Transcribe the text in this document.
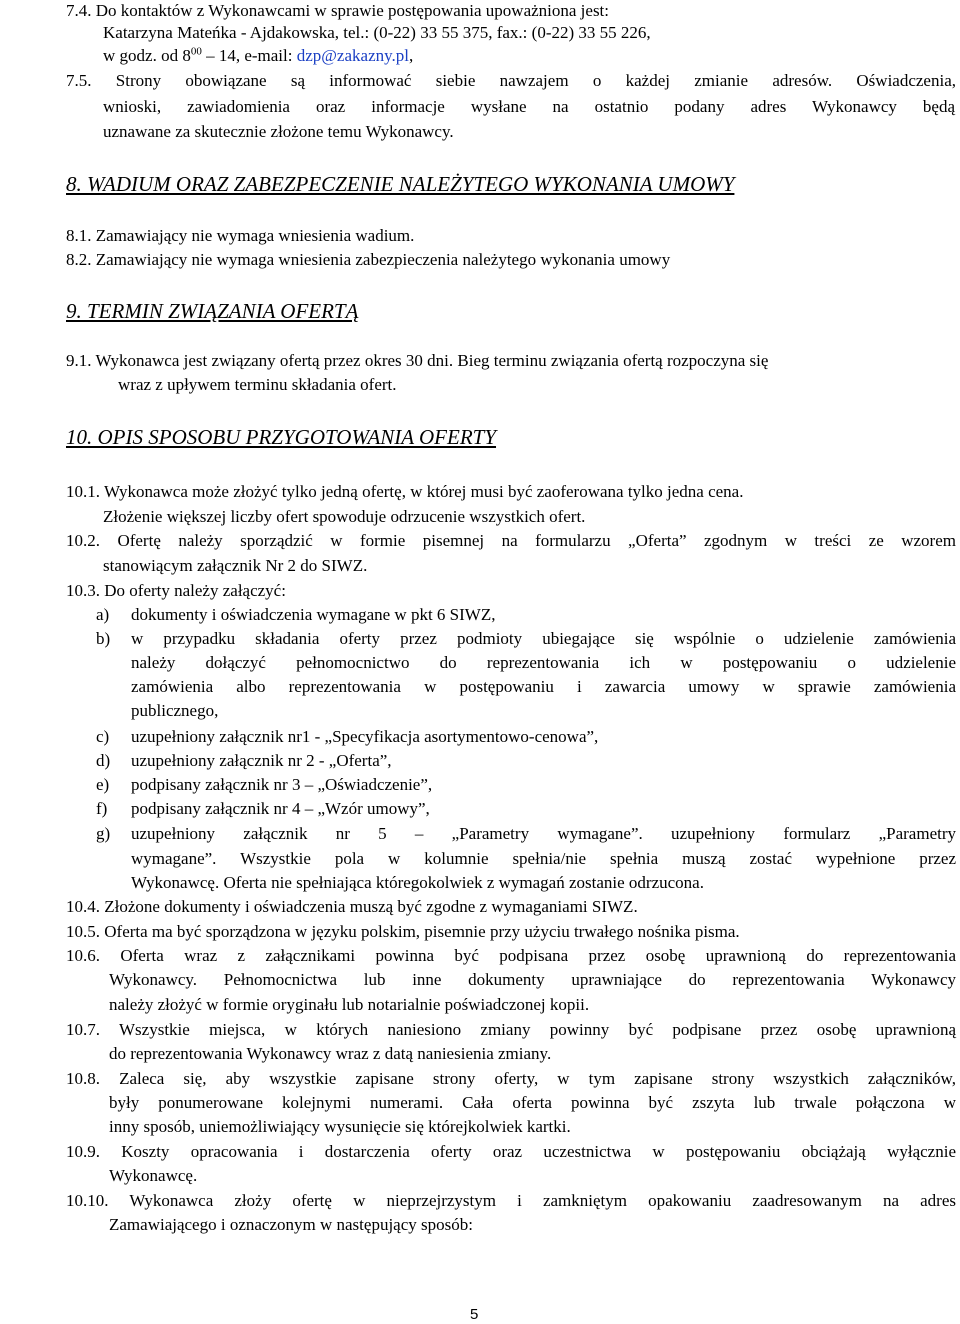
7.4. Do kontaktów z Wykonawcami w sprawie postępowania upoważniona jest:
Katarzyna Mateńka - Ajdakowska, tel.: (0-22) 33 55 375, fax.: (0-22) 33 55 226,
w godz. od $8^{00} - 14$, e-mail: dzp@zakazny.pl,
7.5. Strony obowiązane są informować siebie nawzajem o każdej zmianie adresów. Oświadczenia,
wnioski, zawiadomienia oraz informacje wysłane na ostatnio podany adres Wykonawcy będą
uznawane za skutecznie złożone temu Wykonawcy.
8. WADIUM ORAZ ZABEZPECZENIE NALEŻYTEGO WYKONANIA UMOWY
8.1. Zamawiający nie wymaga wniesienia wadium.
8.2. Zamawiający nie wymaga wniesienia zabezpieczenia należytego wykonania umowy
9. TERMIN ZWIĄZANIA OFERTĄ
9.1. Wykonawca jest związany ofertą przez okres 30 dni. Bieg terminu związania ofertą rozpoczyna się
wraz z upływem terminu składania ofert.
10. OPIS SPOSOBU PRZYGOTOWANIA OFERTY
10.1. Wykonawca może złożyć tylko jedną ofertę, w której musi być zaoferowana tylko jedna cena.
Złożenie większej liczby ofert spowoduje odrzucenie wszystkich ofert.
10.2. Ofertę należy sporządzić w formie pisemnej na formularzu „Oferta” zgodnym w treści ze wzorem
stanowiącym załącznik Nr 2 do SIWZ.
10.3. Do oferty należy załączyć:
a) dokumenty i oświadczenia wymagane w pkt 6 SIWZ,
b) w przypadku składania oferty przez podmioty ubiegające się wspólnie o udzielenie zamówienia
należy dołączyć pełnomocnictwo do reprezentowania ich w postępowaniu o udzielenie
zamówienia albo reprezentowania w postępowaniu i zawarcia umowy w sprawie zamówienia
publicznego,
c) uzupełniony załącznik nr1 - „Specyfikacja asortymentowo-cenowa”,
d) uzupełniony załącznik nr 2 - „Oferta”,
e) podpisany załącznik nr 3 – „Oświadczenie”,
f) podpisany załącznik nr 4 – „Wzór umowy”,
g) uzupełniony załącznik nr 5 – „Parametry wymagane”. uzupełniony formularz „Parametry
wymagane”. Wszystkie pola w kolumnie spełnia/nie spełnia muszą zostać wypełnione przez
Wykonawcę. Oferta nie spełniająca któregokolwiek z wymagań zostanie odrzucona.
10.4. Złożone dokumenty i oświadczenia muszą być zgodne z wymaganiami SIWZ.
10.5. Oferta ma być sporządzona w języku polskim, pisemnie przy użyciu trwałego nośnika pisma.
10.6. Oferta wraz z załącznikami powinna być podpisana przez osobę uprawnioną do reprezentowania
Wykonawcy. Pełnomocnictwa lub inne dokumenty uprawniające do reprezentowania Wykonawcy
należy złożyć w formie oryginału lub notarialnie poświadczonej kopii.
10.7. Wszystkie miejsca, w których naniesiono zmiany powinny być podpisane przez osobę uprawnioną
do reprezentowania Wykonawcy wraz z datą naniesienia zmiany.
10.8. Zaleca się, aby wszystkie zapisane strony oferty, w tym zapisane strony wszystkich załączników,
były ponumerowane kolejnymi numerami. Cała oferta powinna być zszyta lub trwale połączona w
inny sposób, uniemożliwiający wysunięcie się którejkolwiek kartki.
10.9. Koszty opracowania i dostarczenia oferty oraz uczestnictwa w postępowaniu obciążają wyłącznie
Wykonawcę.
10.10. Wykonawca złoży ofertę w nieprzejrzystym i zamkniętym opakowaniu zaadresowanym na adres
Zamawiającego i oznaczonym w następujący sposób:
5
